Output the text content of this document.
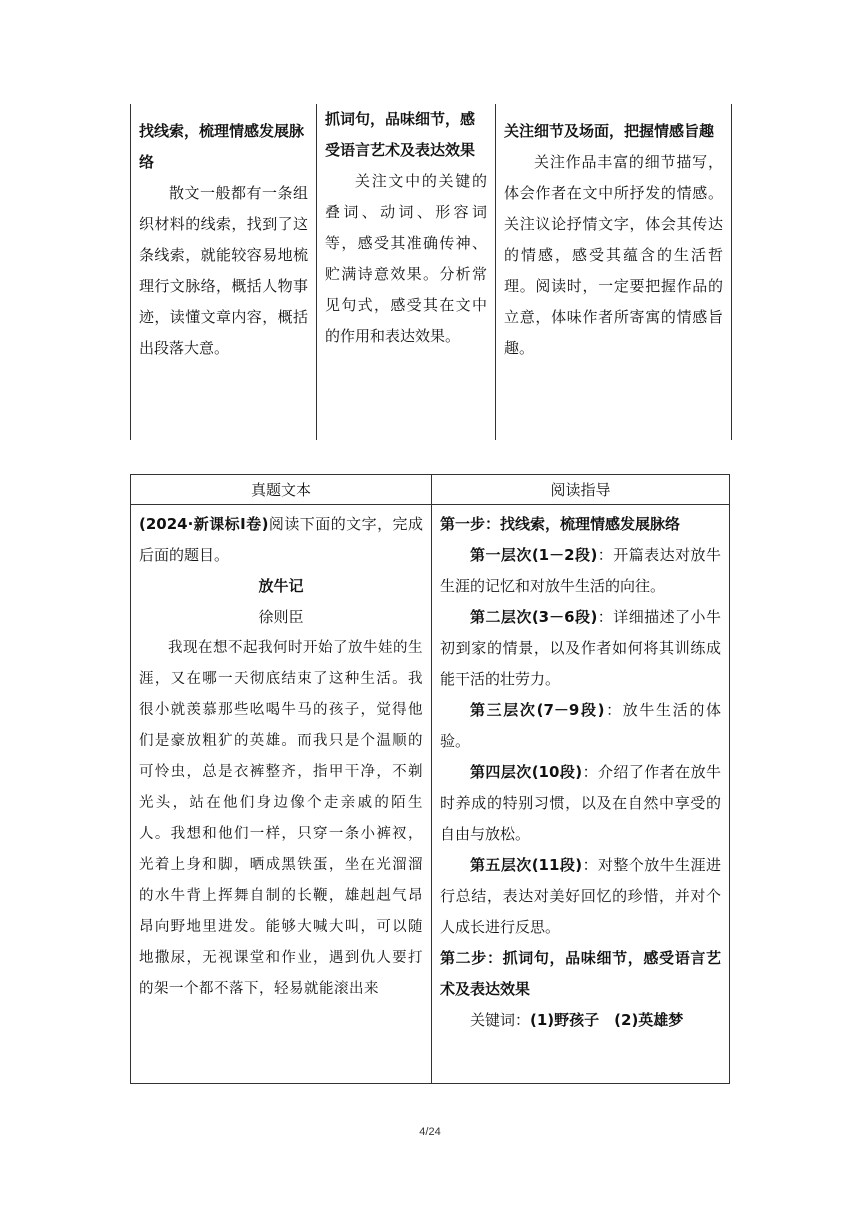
找线索，梳理情感发展脉络
散文一般都有一条组织材料的线索，找到了这条线索，就能较容易地梳理行文脉络，概括人物事迹，读懂文章内容，概括出段落大意。
抓词句，品味细节，感受语言艺术及表达效果
关注文中的关键的叠词、动词、形容词等，感受其准确传神、贮满诗意效果。分析常见句式，感受其在文中的作用和表达效果。
关注细节及场面，把握情感旨趣
关注作品丰富的细节描写，体会作者在文中所抒发的情感。关注议论抒情文字，体会其传达的情感，感受其蕴含的生活哲理。阅读时，一定要把握作品的立意，体味作者所寄寓的情感旨趣。
真题文本	阅读指导
(2024·新课标Ⅰ卷)阅读下面的文字，完成后面的题目。
放牛记
徐则臣
我现在想不起我何时开始了放牛娃的生涯，又在哪一天彻底结束了这种生活。我很小就羡慕那些吆喝牛马的孩子，觉得他们是豪放粗犷的英雄。而我只是个温顺的可怜虫，总是衣裤整齐，指甲干净，不剃光头，站在他们身边像个走亲戚的陌生人。我想和他们一样，只穿一条小裤衩，光着上身和脚，晒成黑铁蛋，坐在光溜溜的水牛背上挥舞自制的长鞭，雄赳赳气昂昂向野地里进发。能够大喊大叫，可以随地撒尿，无视课堂和作业，遇到仇人要打的架一个都不落下，轻易就能滚出来
第一步：找线索，梳理情感发展脉络
第一层次(1－2段)：开篇表达对放牛生涯的记忆和对放牛生活的向往。
第二层次(3－6段)：详细描述了小牛初到家的情景，以及作者如何将其训练成能干活的壮劳力。
第三层次(7－9段)：放牛生活的体验。
第四层次(10段)：介绍了作者在放牛时养成的特别习惯，以及在自然中享受的自由与放松。
第五层次(11段)：对整个放牛生涯进行总结，表达对美好回忆的珍惜，并对个人成长进行反思。
第二步：抓词句，品味细节，感受语言艺术及表达效果
关键词：(1)野孩子　(2)英雄梦
4/24
